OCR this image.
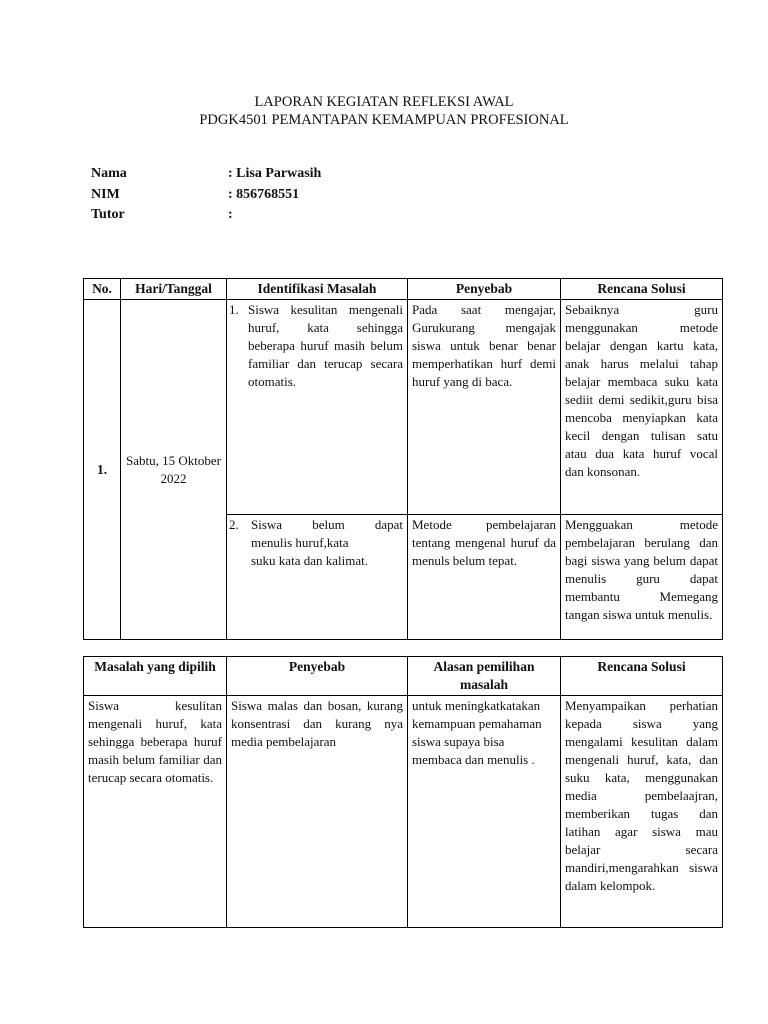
LAPORAN KEGIATAN REFLEKSI AWAL
PDGK4501 PEMANTAPAN KEMAMPUAN PROFESIONAL
Nama	: Lisa Parwasih
NIM	: 856768551
Tutor	:
No.	Hari/Tanggal	Identifikasi Masalah	Penyebab	Rencana Solusi
1.	Sabtu, 15 Oktober 2022	1. Siswa kesulitan mengenali huruf, kata sehingga beberapa huruf masih belum familiar dan terucap secara otomatis.	Pada saat mengajar, Gurukurang mengajak siswa untuk benar benar memperhatikan hurf demi huruf yang di baca.	Sebaiknya guru menggunakan metode belajar dengan kartu kata, anak harus melalui tahap belajar membaca suku kata sediit demi sedikit,guru bisa mencoba menyiapkan kata kecil dengan tulisan satu atau dua kata huruf vocal dan konsonan.

		2. Siswa belum dapat
menulis huruf,kata
suku kata dan kalimat.	Metode pembelajaran tentang mengenal huruf da menuls belum tepat.	Mengguakan metode pembelajaran berulang dan bagi siswa yang belum dapat menulis guru dapat membantu Memegang tangan siswa untuk menulis.
Masalah yang dipilih	Penyebab	Alasan pemilihan masalah	Rencana Solusi
Siswa kesulitan mengenali huruf, kata sehingga beberapa huruf masih belum familiar dan terucap secara otomatis.	Siswa malas dan bosan, kurang konsentrasi dan kurang nya media pembelajaran	untuk meningkatkatakan kemampuan pemahaman siswa supaya bisa membaca dan menulis .	Menyampaikan perhatian kepada siswa yang mengalami kesulitan dalam mengenali huruf, kata, dan suku kata, menggunakan media pembelaajran, memberikan tugas dan latihan agar siswa mau belajar secara mandiri,mengarahkan siswa dalam kelompok.
